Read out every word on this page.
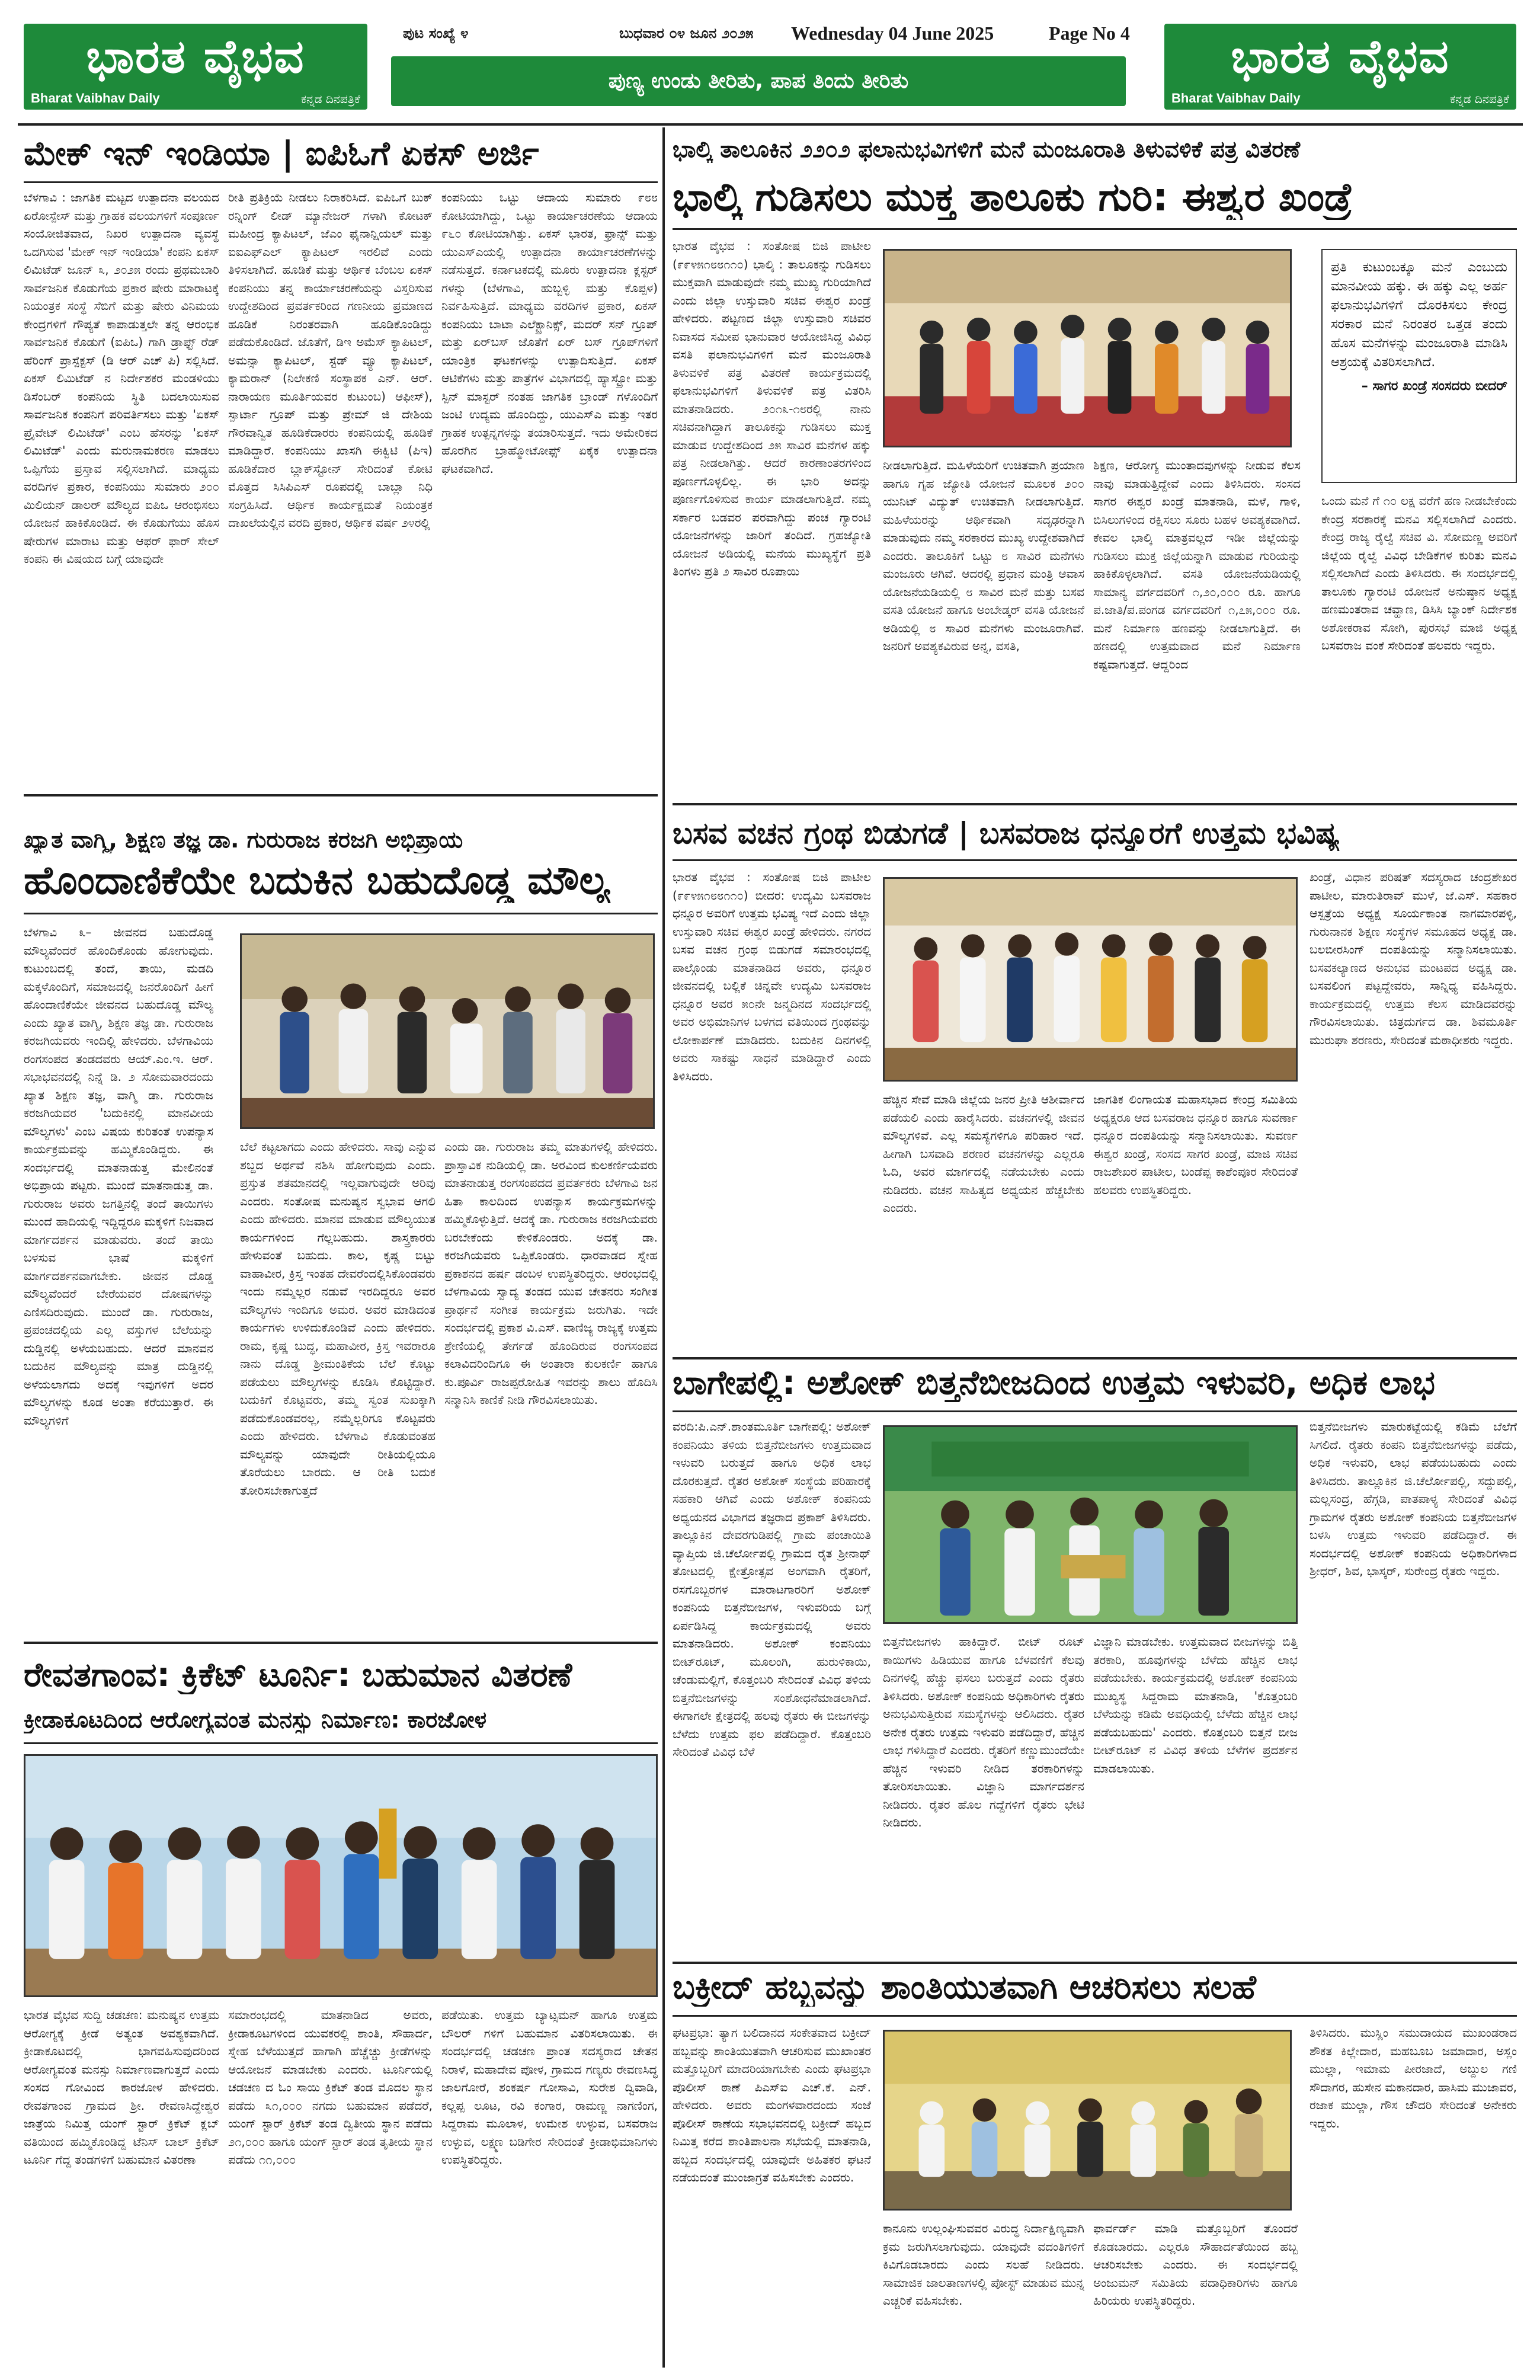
ಭಾರತ ವೈಭವ
Bharat Vaibhav Daily	ಕನ್ನಡ ದಿನಪತ್ರಿಕೆ
ಭಾರತ ವೈಭವ
Bharat Vaibhav Daily	ಕನ್ನಡ ದಿನಪತ್ರಿಕೆ
ಪುಟ ಸಂಖ್ಯೆ ೪	ಬುಧವಾರ ೦೪ ಜೂನ ೨೦೨೫ Wednesday 04 June 2025	Page No 4
ಪುಣ್ಯ ಉಂಡು ತೀರಿತು, ಪಾಪ ತಿಂದು ತೀರಿತು
ಮೇಕ್ ಇನ್ ಇಂಡಿಯಾ | ಐಪಿಓಗೆ ಏಕಸ್ ಅರ್ಜಿ
ಬೆಳಗಾವಿ : ಜಾಗತಿಕ ಮಟ್ಟದ ಉತ್ಪಾದನಾ ವಲಯದ ಏರೋಸ್ಪೇಸ್ ಮತ್ತು ಗ್ರಾಹಕ ವಲಯಗಳಿಗೆ ಸಂಪೂರ್ಣ ಸಂಯೋಜಿತವಾದ, ನಿಖರ ಉತ್ಪಾದನಾ ವ್ಯವಸ್ಥೆ ಒದಗಿಸುವ 'ಮೇಕ್ ಇನ್ ಇಂಡಿಯಾ' ಕಂಪನಿ ಏಕಸ್ ಲಿಮಿಟೆಡ್ ಜೂನ್ ೩, ೨೦೨೫ ರಂದು ಪ್ರಥಮಬಾರಿ ಸಾರ್ವಜನಿಕ ಕೊಡುಗೆಯ ಪ್ರಕಾರ ಷೇರು ಮಾರಾಟಕ್ಕೆ ನಿಯಂತ್ರಕ ಸಂಸ್ಥೆ ಸೆಬಿಗೆ ಮತ್ತು ಷೇರು ವಿನಿಮಯ ಕೇಂದ್ರಗಳಿಗೆ ಗೌಪ್ಯತೆ ಕಾಪಾಡುತ್ತಲೇ ತನ್ನ ಆರಂಭಿಕ ಸಾರ್ವಜನಿಕ ಕೊಡುಗೆ (ಐಪಿಒ) ಗಾಗಿ ಡ್ರಾಫ್ಟ್ ರೆಡ್ ಹೆರಿಂಗ್ ಪ್ರಾಸ್ಪೆಕ್ಟಸ್ (ಡಿ ಆರ್ ಎಚ್ ಪಿ) ಸಲ್ಲಿಸಿದೆ. ಏಕಸ್ ಲಿಮಿಟೆಡ್ ನ ನಿರ್ದೇಶಕರ ಮಂಡಳಿಯು ಡಿಸೆಂಬರ್ ಕಂಪನಿಯ ಸ್ಥಿತಿ ಬದಲಾಯಿಸುವ ಸಾರ್ವಜನಿಕ ಕಂಪನಿಗೆ ಪರಿವರ್ತಿಸಲು ಮತ್ತು 'ಏಕಸ್ ಪ್ರೈವೇಟ್ ಲಿಮಿಟೆಡ್' ಎಂಬ ಹೆಸರನ್ನು 'ಏಕಸ್ ಲಿಮಿಟೆಡ್' ಎಂದು ಮರುನಾಮಕರಣ ಮಾಡಲು ಒಪ್ಪಿಗೆಯ ಪ್ರಸ್ತಾವ ಸಲ್ಲಿಸಲಾಗಿದೆ. ಮಾಧ್ಯಮ ವರದಿಗಳ ಪ್ರಕಾರ, ಕಂಪನಿಯು ಸುಮಾರು ೨೦೦ ಮಿಲಿಯನ್ ಡಾಲರ್ ಮೌಲ್ಯದ ಐಪಿಒ ಆರಂಭಿಸಲು ಯೋಜನೆ ಹಾಕಿಕೊಂಡಿದೆ. ಈ ಕೊಡುಗೆಯು ಹೊಸ ಷೇರುಗಳ ಮಾರಾಟ ಮತ್ತು ಆಫರ್ ಫಾರ್ ಸೇಲ್ ಕಂಪನಿ ಈ ವಿಷಯದ ಬಗ್ಗೆ ಯಾವುದೇ
ರೀತಿ ಪ್ರತಿಕ್ರಿಯೆ ನೀಡಲು ನಿರಾಕರಿಸಿದೆ. ಐಪಿಒಗೆ ಬುಕ್ ರನ್ನಿಂಗ್ ಲೀಡ್ ಮ್ಯಾನೇಜರ್ ಗಳಾಗಿ ಕೋಟಕ್ ಮಹೀಂದ್ರ ಕ್ಯಾಪಿಟಲ್, ಜೆಎಂ ಫೈನಾನ್ಷಿಯಲ್ ಮತ್ತು ಐಐಎಫ್ಎಲ್ ಕ್ಯಾಪಿಟಲ್ ಇರಲಿವೆ ಎಂದು ತಿಳಿಸಲಾಗಿದೆ. ಹೂಡಿಕೆ ಮತ್ತು ಆರ್ಥಿಕ ಬೆಂಬಲ ಏಕಸ್ ಕಂಪನಿಯು ತನ್ನ ಕಾರ್ಯಾಚರಣೆಯನ್ನು ವಿಸ್ತರಿಸುವ ಉದ್ದೇಶದಿಂದ ಪ್ರವರ್ತಕರಿಂದ ಗಣನೀಯ ಪ್ರಮಾಣದ ಹೂಡಿಕೆ ನಿರಂತರವಾಗಿ ಹೂಡಿಕೊಂಡಿದ್ದು ಪಡೆದುಕೊಂಡಿದೆ. ಜೊತೆಗೆ, ಡಿಇ ಅಮೆಸ್ ಕ್ಯಾಪಿಟಲ್, ಅಮನ್ಸಾ ಕ್ಯಾಪಿಟಲ್, ಸ್ಟೆಡ್ ವ್ಯೂ ಕ್ಯಾಪಿಟಲ್, ಕ್ಯಾಮರಾನ್ (ನಿಲೇಕಣಿ ಸಂಸ್ಥಾಪಕ ಎನ್. ಆರ್. ನಾರಾಯಣ ಮೂರ್ತಿಯವರ ಕುಟುಂಬ) ಆಫೀಸ್), ಸ್ಪಾರ್ಟಾ ಗ್ರೂಪ್ ಮತ್ತು ಪ್ರೇಮ್ ಜಿ ದೇಶಿಯ ಗೌರವಾನ್ವಿತ ಹೂಡಿಕೆದಾರರು ಕಂಪನಿಯಲ್ಲಿ ಹೂಡಿಕೆ ಮಾಡಿದ್ದಾರೆ. ಕಂಪನಿಯು ಖಾಸಗಿ ಈಕ್ವಿಟಿ (ಪಿಇ) ಹೂಡಿಕೆದಾರ ಬ್ಲಾಕ್‌ಸ್ಟೋನ್ ಸೇರಿದಂತೆ ಕೋಟಿ ಮೊತ್ತದ ಸಿಸಿಪಿಎಸ್ ರೂಪದಲ್ಲಿ ಬಾಬ್ಲಾ ನಿಧಿ ಸಂಗ್ರಹಿಸಿದೆ. ಆರ್ಥಿಕ ಕಾರ್ಯಕ್ಷಮತೆ ನಿಯಂತ್ರಕ ದಾಖಲೆಯಲ್ಲಿನ ವರದಿ ಪ್ರಕಾರ, ಆರ್ಥಿಕ ವರ್ಷ ೨೪ರಲ್ಲಿ
ಕಂಪನಿಯು ಒಟ್ಟು ಆದಾಯ ಸುಮಾರು ೯೮೮ ಕೋಟಿಯಾಗಿದ್ದು, ಒಟ್ಟು ಕಾರ್ಯಾಚರಣೆಯ ಆದಾಯ ೯೬೦ ಕೋಟಿಯಾಗಿತ್ತು. ಏಕಸ್ ಭಾರತ, ಫ್ರಾನ್ಸ್ ಮತ್ತು ಯುಎಸ್‌ಎಯಲ್ಲಿ ಉತ್ಪಾದನಾ ಕಾರ್ಯಾಚರಣೆಗಳನ್ನು ನಡೆಸುತ್ತದೆ. ಕರ್ನಾಟಕದಲ್ಲಿ ಮೂರು ಉತ್ಪಾದನಾ ಕ್ಲಸ್ಟರ್ ಗಳನ್ನು (ಬೆಳಗಾವಿ, ಹುಬ್ಬಳ್ಳಿ ಮತ್ತು ಕೊಪ್ಪಳ) ನಿರ್ವಹಿಸುತ್ತಿದೆ. ಮಾಧ್ಯಮ ವರದಿಗಳ ಪ್ರಕಾರ, ಏಕಸ್ ಕಂಪನಿಯು ಬಾಟಾ ಎಲೆಕ್ಟ್ರಾನಿಕ್ಸ್, ಮದರ್ ಸನ್ ಗ್ರೂಪ್ ಮತ್ತು ಏರ್‌ಬಸ್ ಜೊತೆಗೆ ಏರ್ ಬಸ್ ಗ್ರೂಪ್‌ಗಳಿಗೆ ಯಾಂತ್ರಿಕ ಘಟಕಗಳನ್ನು ಉತ್ಪಾದಿಸುತ್ತಿದೆ. ಏಕಸ್ ಆಟಿಕೆಗಳು ಮತ್ತು ಪಾತ್ರೆಗಳ ವಿಭಾಗದಲ್ಲಿ ಹ್ಯಾಸ್ಟ್ರೋ ಮತ್ತು ಸ್ಪಿನ್ ಮಾಸ್ಟರ್ ನಂತಹ ಜಾಗತಿಕ ಬ್ರಾಂಡ್ ಗಳೊಂದಿಗೆ ಜಂಟಿ ಉದ್ಯಮ ಹೊಂದಿದ್ದು, ಯುಎಸ್ಎ ಮತ್ತು ಇತರ ಗ್ರಾಹಕ ಉತ್ಪನ್ನಗಳನ್ನು ತಯಾರಿಸುತ್ತದೆ. ಇದು ಅಮೇರಿಕದ ಹೊರಗಿನ ಬ್ರಾಹ್ಮೋಟೋಫ್ಸ್ ಏಕೈಕ ಉತ್ಪಾದನಾ ಘಟಕವಾಗಿದೆ.
ಭಾಲ್ಕಿ ತಾಲೂಕಿನ ೨೨೦೨ ಫಲಾನುಭವಿಗಳಿಗೆ ಮನೆ ಮಂಜೂರಾತಿ ತಿಳುವಳಿಕೆ ಪತ್ರ ವಿತರಣೆ
ಭಾಲ್ಕಿ ಗುಡಿಸಲು ಮುಕ್ತ ತಾಲೂಕು ಗುರಿ: ಈಶ್ವರ ಖಂಡ್ರೆ
ಭಾರತ ವೈಭವ : ಸಂತೋಷ ಬಿಜಿ ಪಾಟೀಲ (೯೯೪೫೧೮೮೧೧೦) ಭಾಲ್ಕಿ : ತಾಲೂಕನ್ನು ಗುಡಿಸಲು ಮುಕ್ತವಾಗಿ ಮಾಡುವುದೇ ನಮ್ಮ ಮುಖ್ಯ ಗುರಿಯಾಗಿದೆ ಎಂದು ಜಿಲ್ಲಾ ಉಸ್ತುವಾರಿ ಸಚಿವ ಈಶ್ವರ ಖಂಡ್ರೆ ಹೇಳಿದರು. ಪಟ್ಟಣದ ಜಿಲ್ಲಾ ಉಸ್ತುವಾರಿ ಸಚಿವರ ನಿವಾಸದ ಸಮೀಪ ಭಾನುವಾರ ಆಯೋಜಿಸಿದ್ದ ವಿವಿಧ ವಸತಿ ಫಲಾನುಭವಿಗಳಿಗೆ ಮನೆ ಮಂಜೂರಾತಿ ತಿಳುವಳಿಕೆ ಪತ್ರ ವಿತರಣೆ ಕಾರ್ಯಕ್ರಮದಲ್ಲಿ ಫಲಾನುಭವಿಗಳಿಗೆ ತಿಳುವಳಿಕೆ ಪತ್ರ ವಿತರಿಸಿ ಮಾತನಾಡಿದರು. ೨೦೧೩-೧೮ರಲ್ಲಿ ನಾನು ಸಚಿವನಾಗಿದ್ದಾಗ ತಾಲೂಕನ್ನು ಗುಡಿಸಲು ಮುಕ್ತ ಮಾಡುವ ಉದ್ದೇಶದಿಂದ ೨೫ ಸಾವಿರ ಮನೆಗಳ ಹಕ್ಕು ಪತ್ರ ನೀಡಲಾಗಿತ್ತು. ಆದರೆ ಕಾರಣಾಂತರಗಳಿಂದ ಪೂರ್ಣಗೊಳ್ಳಲಿಲ್ಲ. ಈ ಭಾರಿ ಅದನ್ನು ಪೂರ್ಣಗೊಳಿಸುವ ಕಾರ್ಯ ಮಾಡಲಾಗುತ್ತಿದೆ. ನಮ್ಮ ಸರ್ಕಾರ ಬಡವರ ಪರವಾಗಿದ್ದು ಪಂಚ ಗ್ಯಾರಂಟಿ ಯೋಜನೆಗಳನ್ನು ಜಾರಿಗೆ ತಂದಿದೆ. ಗ್ರಹಜ್ಯೋತಿ ಯೋಜನೆ ಅಡಿಯಲ್ಲಿ ಮನೆಯ ಮುಖ್ಯಸ್ಥೆಗೆ ಪ್ರತಿ ತಿಂಗಳು ಪ್ರತಿ ೨ ಸಾವಿರ ರೂಪಾಯಿ
ಪ್ರತಿ ಕುಟುಂಬಕ್ಕೂ ಮನೆ ಎಂಬುದು ಮಾನವೀಯ ಹಕ್ಕು. ಈ ಹಕ್ಕು ಎಲ್ಲ ಅರ್ಹ ಫಲಾನುಭವಿಗಳಿಗೆ ದೊರಕಿಸಲು ಕೇಂದ್ರ ಸರಕಾರ ಮನೆ ನಿರಂತರ ಒತ್ತಡ ತಂದು ಹೊಸ ಮನೆಗಳನ್ನು ಮಂಜೂರಾತಿ ಮಾಡಿಸಿ ಆಶ್ರಯಕ್ಕೆ ವಿತರಿಸಲಾಗಿದೆ.
– ಸಾಗರ ಖಂಡ್ರೆ ಸಂಸದರು ಬೀದರ್
ನೀಡಲಾಗುತ್ತಿದೆ. ಮಹಿಳೆಯರಿಗೆ ಉಚಿತವಾಗಿ ಪ್ರಯಾಣ ಹಾಗೂ ಗೃಹ ಜ್ಯೋತಿ ಯೋಜನೆ ಮೂಲಕ ೨೦೦ ಯುನಿಟ್ ವಿದ್ಯುತ್ ಉಚಿತವಾಗಿ ನೀಡಲಾಗುತ್ತಿದೆ. ಮಹಿಳೆಯರನ್ನು ಆರ್ಥಿಕವಾಗಿ ಸದೃಢರನ್ನಾಗಿ ಮಾಡುವುದು ನಮ್ಮ ಸರಕಾರದ ಮುಖ್ಯ ಉದ್ದೇಶವಾಗಿದೆ ಎಂದರು. ತಾಲೂಕಿಗೆ ಒಟ್ಟು ೮ ಸಾವಿರ ಮನೆಗಳು ಮಂಜೂರು ಆಗಿವೆ. ಆದರಲ್ಲಿ ಪ್ರಧಾನ ಮಂತ್ರಿ ಆವಾಸ ಯೋಜನೆಯಡಿಯಲ್ಲಿ ೮ ಸಾವಿರ ಮನೆ ಮತ್ತು ಬಸವ ವಸತಿ ಯೋಜನೆ ಹಾಗೂ ಅಂಬೇಡ್ಕರ್ ವಸತಿ ಯೋಜನೆ ಅಡಿಯಲ್ಲಿ ೮ ಸಾವಿರ ಮನೆಗಳು ಮಂಜೂರಾಗಿವೆ. ಜನರಿಗೆ ಅವಶ್ಯಕವಿರುವ ಅನ್ನ, ವಸತಿ,
ಶಿಕ್ಷಣ, ಆರೋಗ್ಯ ಮುಂತಾದವುಗಳನ್ನು ನೀಡುವ ಕೆಲಸ ನಾವು ಮಾಡುತ್ತಿದ್ದೇವೆ ಎಂದು ತಿಳಿಸಿದರು. ಸಂಸದ ಸಾಗರ ಈಶ್ವರ ಖಂಡ್ರೆ ಮಾತನಾಡಿ, ಮಳೆ, ಗಾಳಿ, ಬಿಸಿಲುಗಳಿಂದ ರಕ್ಷಿಸಲು ಸೂರು ಬಹಳ ಅವಶ್ಯಕವಾಗಿದೆ. ಕೇವಲ ಭಾಲ್ಕಿ ಮಾತ್ರವಲ್ಲದೆ ಇಡೀ ಜಿಲ್ಲೆಯನ್ನು ಗುಡಿಸಲು ಮುಕ್ತ ಜಿಲ್ಲೆಯನ್ನಾಗಿ ಮಾಡುವ ಗುರಿಯನ್ನು ಹಾಕಿಕೊಳ್ಳಲಾಗಿದೆ. ವಸತಿ ಯೋಜನೆಯಡಿಯಲ್ಲಿ ಸಾಮಾನ್ಯ ವರ್ಗದವರಿಗೆ ೧,೨೦,೦೦೦ ರೂ. ಹಾಗೂ ಪ.ಜಾತಿ/ಪ.ಪಂಗಡ ವರ್ಗದವರಿಗೆ ೧,೭೫,೦೦೦ ರೂ. ಮನೆ ನಿರ್ಮಾಣ ಹಣವನ್ನು ನೀಡಲಾಗುತ್ತಿದೆ. ಈ ಹಣದಲ್ಲಿ ಉತ್ತಮವಾದ ಮನೆ ನಿರ್ಮಾಣ ಕಷ್ಟವಾಗುತ್ತದೆ. ಆದ್ದರಿಂದ
ಒಂದು ಮನೆ ಗೆ ೧೦ ಲಕ್ಷ ವರೆಗೆ ಹಣ ನೀಡಬೇಕೆಂದು ಕೇಂದ್ರ ಸರಕಾರಕ್ಕೆ ಮನವಿ ಸಲ್ಲಿಸಲಾಗಿದೆ ಎಂದರು. ಕೇಂದ್ರ ರಾಜ್ಯ ರೈಲ್ವೆ ಸಚಿವ ವಿ. ಸೋಮಣ್ಣ ಅವರಿಗೆ ಜಿಲ್ಲೆಯ ರೈಲ್ವೆ ವಿವಿಧ ಬೇಡಿಕೆಗಳ ಕುರಿತು ಮನವಿ ಸಲ್ಲಿಸಲಾಗಿದೆ ಎಂದು ತಿಳಿಸಿದರು. ಈ ಸಂದರ್ಭದಲ್ಲಿ ತಾಲೂಕು ಗ್ಯಾರಂಟಿ ಯೋಜನೆ ಅನುಷ್ಠಾನ ಅಧ್ಯಕ್ಷ ಹಣಮಂತರಾವ ಚವ್ಹಾಣ, ಡಿಸಿಸಿ ಬ್ಯಾಂಕ್ ನಿರ್ದೇಶಕ ಅಶೋಕರಾವ ಸೋಗಿ, ಪುರಸಭೆ ಮಾಜಿ ಅಧ್ಯಕ್ಷ ಬಸವರಾಜ ವಂಕೆ ಸೇರಿದಂತೆ ಹಲವರು ಇದ್ದರು.
ಖ್ಯಾತ ವಾಗ್ಮಿ, ಶಿಕ್ಷಣ ತಜ್ಞ ಡಾ. ಗುರುರಾಜ ಕರಜಗಿ ಅಭಿಪ್ರಾಯ
ಹೊಂದಾಣಿಕೆಯೇ ಬದುಕಿನ ಬಹುದೊಡ್ಡ ಮೌಲ್ಯ
ಬೆಳಗಾವಿ ೩– ಜೀವನದ ಬಹುದೊಡ್ಡ ಮೌಲ್ಯವೆಂದರೆ ಹೊಂದಿಕೊಂಡು ಹೋಗುವುದು. ಕುಟುಂಬದಲ್ಲಿ ತಂದೆ, ತಾಯಿ, ಮಡದಿ ಮಕ್ಕಳೊಂದಿಗೆ, ಸಮಾಜದಲ್ಲಿ ಜನರೊಂದಿಗೆ ಹೀಗೆ ಹೊಂದಾಣಿಕೆಯೇ ಜೀವನದ ಬಹುದೊಡ್ಡ ಮೌಲ್ಯ ಎಂದು ಖ್ಯಾತ ವಾಗ್ಮಿ, ಶಿಕ್ಷಣ ತಜ್ಞ ಡಾ. ಗುರುರಾಜ ಕರಜಗಿಯವರು ಇಂದಿಲ್ಲಿ ಹೇಳಿದರು. ಬೆಳಗಾವಿಯ ರಂಗಸಂಪದ ತಂಡದವರು ಆಯ್.ಎಂ.ಇ. ಆರ್. ಸಭಾಭವನದಲ್ಲಿ ನಿನ್ನೆ ಡಿ. ೨ ಸೋಮವಾರದಂದು ಖ್ಯಾತ ಶಿಕ್ಷಣ ತಜ್ಞ, ವಾಗ್ಮಿ ಡಾ. ಗುರುರಾಜ ಕರಜಗಿಯವರ 'ಬದುಕಿನಲ್ಲಿ ಮಾನವೀಯ ಮೌಲ್ಯಗಳು' ಎಂಬ ವಿಷಯ ಕುರಿತಂತೆ ಉಪನ್ಯಾಸ ಕಾರ್ಯಕ್ರಮವನ್ನು ಹಮ್ಮಿಕೊಂಡಿದ್ದರು. ಈ ಸಂದರ್ಭದಲ್ಲಿ ಮಾತನಾಡುತ್ತ ಮೇಲಿನಂತೆ ಅಭಿಪ್ರಾಯ ಪಟ್ಟರು. ಮುಂದೆ ಮಾತನಾಡುತ್ತ ಡಾ. ಗುರುರಾಜ ಅವರು ಜಗತ್ತಿನಲ್ಲಿ ತಂದೆ ತಾಯಿಗಳು ಮುಂದೆ ಹಾದಿಯಲ್ಲಿ ಇದ್ದಿದ್ದರೂ ಮಕ್ಕಳಿಗೆ ನಿಜವಾದ ಮಾರ್ಗದರ್ಶನ ಮಾಡುವರು. ತಂದೆ ತಾಯಿ ಬಳಸುವ ಭಾಷೆ ಮಕ್ಕಳಿಗೆ ಮಾರ್ಗದರ್ಶನವಾಗಬೇಕು. ಜೀವನ ದೊಡ್ಡ ಮೌಲ್ಯವೆಂದರೆ ಬೇರೆಯವರ ದೋಷಗಳನ್ನು ಎಣಿಸದಿರುವುದು. ಮುಂದೆ ಡಾ. ಗುರುರಾಜ, ಪ್ರಪಂಚದಲ್ಲಿಯ ಎಲ್ಲ ವಸ್ತುಗಳ ಬೆಲೆಯನ್ನು ದುಡ್ಡಿನಲ್ಲಿ ಅಳೆಯಬಹುದು. ಆದರೆ ಮಾನವನ ಬದುಕಿನ ಮೌಲ್ಯವನ್ನು ಮಾತ್ರ ದುಡ್ಡಿನಲ್ಲಿ ಅಳೆಯಲಾಗದು ಅದಕ್ಕೆ ಇವುಗಳಿಗೆ ಅದರ ಮೌಲ್ಯಗಳನ್ನು ಕೂಡ ಅಂತಾ ಕರೆಯುತ್ತಾರೆ. ಈ ಮೌಲ್ಯಗಳಿಗೆ
ಬೆಲೆ ಕಟ್ಟಲಾಗದು ಎಂದು ಹೇಳಿದರು. ಸಾವು ಎನ್ನುವ ಶಬ್ದದ ಅರ್ಥವೆ ನಶಿಸಿ ಹೋಗುವುದು ಎಂದು. ಪ್ರಸ್ತುತ ಶತಮಾನದಲ್ಲಿ ಇಲ್ಲವಾಗುವುದೇ ಅರಿವು ಎಂದರು. ಸಂತೋಷ ಮನುಷ್ಯನ ಸ್ವಭಾವ ಆಗಲಿ ಎಂದು ಹೇಳಿದರು. ಮಾನವ ಮಾಡುವ ಮೌಲ್ಯಯುತ ಕಾರ್ಯಗಳಿಂದ ಗೆಲ್ಲಬಹುದು. ಶಾಸ್ತ್ರಕಾರರು ಹೇಳುವಂತೆ ಬಹುದು. ಕಾಲ, ಕೃಷ್ಣ ಬಿಟ್ಟು ವಾಹಾವೀರ, ಕ್ರಿಸ್ತ ಇಂತಹ ದೇವರೆಂದಲ್ಲಿಸಿಕೊಂಡವರು ಇಂದು ನಮ್ಮೆಲ್ಲರ ನಡುವೆ ಇರದಿದ್ದರೂ ಅವರ ಮೌಲ್ಯಗಳು ಇಂದಿಗೂ ಅಮರ. ಅವರ ಮಾಡಿದಂತ ಕಾರ್ಯಗಳು ಉಳಿದುಕೊಂಡಿವೆ ಎಂದು ಹೇಳಿದರು. ರಾಮ, ಕೃಷ್ಣ ಬುದ್ಧ, ಮಹಾವೀರ, ಕ್ರಿಸ್ತ ಇವರಾರೂ ನಾನು ದೊಡ್ಡ ಶ್ರೀಮಂತಿಕೆಯ ಬೆಲೆ ಕೊಟ್ಟು ಪಡೆಯಲು ಮೌಲ್ಯಗಳನ್ನು ಕೂಡಿಸಿ ಕೊಟ್ಟಿದ್ದಾರೆ. ಬದುಕಿಗೆ ಕೊಟ್ಟವರು, ತಮ್ಮ ಸ್ವಂತ ಸುಖಕ್ಕಾಗಿ ಪಡೆದುಕೊಂಡವರಲ್ಲ, ನಮ್ಮೆಲ್ಲರಿಗೂ ಕೊಟ್ಟವರು ಎಂದು ಹೇಳಿದರು. ಬೆಳಗಾವಿ ಕೊಡುವಂತಹ ಮೌಲ್ಯವನ್ನು ಯಾವುದೇ ರೀತಿಯಲ್ಲಿಯೂ ತೊರೆಯಲು ಬಾರದು. ಆ ರೀತಿ ಬದುಕ ತೋರಿಸಬೇಕಾಗುತ್ತದೆ
ಎಂದು ಡಾ. ಗುರುರಾಜ ತಮ್ಮ ಮಾತುಗಳಲ್ಲಿ ಹೇಳಿದರು. ಪ್ರಾಸ್ತಾವಿಕ ನುಡಿಯಲ್ಲಿ ಡಾ. ಅರವಿಂದ ಕುಲಕರ್ಣಿಯವರು ಮಾತನಾಡುತ್ತ ರಂಗಸಂಪದದ ಪ್ರವರ್ತಕರು ಬೆಳಗಾವಿ ಜನ ಹಿತಾ ಕಾಲದಿಂದ ಉಪನ್ಯಾಸ ಕಾರ್ಯಕ್ರಮಗಳನ್ನು ಹಮ್ಮಿಕೊಳ್ಳುತ್ತಿದೆ. ಆದಕ್ಕೆ ಡಾ. ಗುರುರಾಜ ಕರಜಗಿಯವರು ಬರಬೇಕೆಂದು ಕೇಳಿಕೊಂಡರು. ಅದಕ್ಕೆ ಡಾ. ಕರಜಗಿಯವರು ಒಪ್ಪಿಕೊಂಡರು. ಧಾರವಾಡದ ಸ್ನೇಹ ಪ್ರಕಾಶನದ ಹರ್ಷ ಡಂಬಳ ಉಪಸ್ಥಿತರಿದ್ದರು. ಆರಂಭದಲ್ಲಿ ಬೆಳಗಾವಿಯ ಸ್ವಾದ್ಯ ತಂಡದ ಯುವ ಚೇತನರು ಸಂಗೀತ ಪ್ರಾರ್ಥನೆ ಸಂಗೀತ ಕಾರ್ಯಕ್ರಮ ಜರುಗಿತು. ಇದೇ ಸಂದರ್ಭದಲ್ಲಿ ಪ್ರಕಾಶ ವಿ.ಎಸ್. ವಾಣಿಜ್ಯ ರಾಜ್ಯಕ್ಕೆ ಉತ್ತಮ ಶ್ರೇಣಿಯಲ್ಲಿ ತೇರ್ಗಡೆ ಹೊಂದಿರುವ ರಂಗಸಂಪದ ಕಲಾವಿದರಿಂದಿಗೂ ಈ ಅಂತಾರಾ ಕುಲಕರ್ಣಿ ಹಾಗೂ ಕು.ಪೂರ್ವಿ ರಾಜಪ್ಪರೋಹಿತ ಇವರನ್ನು ಶಾಲು ಹೊದಿಸಿ ಸನ್ಮಾನಿಸಿ ಕಾಣಿಕೆ ನೀಡಿ ಗೌರವಿಸಲಾಯಿತು.
ಬಸವ ವಚನ ಗ್ರಂಥ ಬಿಡುಗಡೆ | ಬಸವರಾಜ ಧನ್ನೂರಗೆ ಉತ್ತಮ ಭವಿಷ್ಯ
ಭಾರತ ವೈಭವ : ಸಂತೋಷ ಬಿಜಿ ಪಾಟೀಲ (೯೯೪೫೧೮೮೧೧೦) ಬೀದರ: ಉದ್ಯಮಿ ಬಸವರಾಜ ಧನ್ನೂರ ಅವರಿಗೆ ಉತ್ತಮ ಭವಿಷ್ಯ ಇದೆ ಎಂದು ಜಿಲ್ಲಾ ಉಸ್ತುವಾರಿ ಸಚಿವ ಈಶ್ವರ ಖಂಡ್ರೆ ಹೇಳಿದರು. ನಗರದ ಬಸವ ವಚನ ಗ್ರಂಥ ಬಿಡುಗಡೆ ಸಮಾರಂಭದಲ್ಲಿ ಪಾಲ್ಗೊಂಡು ಮಾತನಾಡಿದ ಅವರು, ಧನ್ನೂರ ಜೀವನದಲ್ಲಿ ಬಲ್ಲಿಕೆ ಚಿನ್ನವೇ ಉದ್ಯಮಿ ಬಸವರಾಜ ಧನ್ನೂರ ಅವರ ೫೦ನೇ ಜನ್ಮದಿನದ ಸಂದರ್ಭದಲ್ಲಿ ಅವರ ಅಭಿಮಾನಿಗಳ ಬಳಗದ ವತಿಯಿಂದ ಗ್ರಂಥವನ್ನು ಲೋಕಾರ್ಪಣೆ ಮಾಡಿದರು. ಬದುಕಿನ ದಿನಗಳಲ್ಲಿ ಅವರು ಸಾಕಷ್ಟು ಸಾಧನೆ ಮಾಡಿದ್ದಾರೆ ಎಂದು ತಿಳಿಸಿದರು.
ಹೆಚ್ಚಿನ ಸೇವೆ ಮಾಡಿ ಜಿಲ್ಲೆಯ ಜನರ ಪ್ರೀತಿ ಆಶೀರ್ವಾದ ಪಡೆಯಲಿ ಎಂದು ಹಾರೈಸಿದರು. ವಚನಗಳಲ್ಲಿ ಜೀವನ ಮೌಲ್ಯಗಳಿವೆ. ಎಲ್ಲ ಸಮಸ್ಯೆಗಳಿಗೂ ಪರಿಹಾರ ಇದೆ. ಹೀಗಾಗಿ ಬಸವಾದಿ ಶರಣರ ವಚನಗಳನ್ನು ಎಲ್ಲರೂ ಓದಿ, ಅವರ ಮಾರ್ಗದಲ್ಲಿ ನಡೆಯಬೇಕು ಎಂದು ನುಡಿದರು. ವಚನ ಸಾಹಿತ್ಯದ ಅಧ್ಯಯನ ಹೆಚ್ಚಬೇಕು ಎಂದರು.
ಜಾಗತಿಕ ಲಿಂಗಾಯತ ಮಹಾಸಭಾದ ಕೇಂದ್ರ ಸಮಿತಿಯ ಅಧ್ಯಕ್ಷರೂ ಆದ ಬಸವರಾಜ ಧನ್ನೂರ ಹಾಗೂ ಸುವರ್ಣಾ ಧನ್ನೂರ ದಂಪತಿಯನ್ನು ಸನ್ಮಾನಿಸಲಾಯಿತು. ಸುವರ್ಣ ಈಶ್ವರ ಖಂಡ್ರೆ, ಸಂಸದ ಸಾಗರ ಖಂಡ್ರೆ, ಮಾಜಿ ಸಚಿವ ರಾಜಶೇಖರ ಪಾಟೀಲ, ಬಂಡೆಪ್ಪ ಕಾಶೆಂಪೂರ ಸೇರಿದಂತೆ ಹಲವರು ಉಪಸ್ಥಿತರಿದ್ದರು.
ಖಂಡ್ರೆ, ವಿಧಾನ ಪರಿಷತ್ ಸದಸ್ಯರಾದ ಚಂದ್ರಶೇಖರ ಪಾಟೀಲ, ಮಾರುತಿರಾವ್ ಮುಳೆ, ಜೆ.ಎಸ್. ಸಹಕಾರ ಆಸ್ಪತ್ರೆಯ ಅಧ್ಯಕ್ಷ ಸೂರ್ಯಕಾಂತ ನಾಗಮಾರಪಳ್ಳಿ, ಗುರುನಾನಕ ಶಿಕ್ಷಣ ಸಂಸ್ಥೆಗಳ ಸಮೂಹದ ಅಧ್ಯಕ್ಷ ಡಾ. ಬಲಬೀರಸಿಂಗ್ ದಂಪತಿಯನ್ನು ಸನ್ಮಾನಿಸಲಾಯಿತು. ಬಸವಕಲ್ಯಾಣದ ಅನುಭವ ಮಂಟಪದ ಅಧ್ಯಕ್ಷ ಡಾ. ಬಸವಲಿಂಗ ಪಟ್ಟದ್ದೇವರು, ಸಾನ್ನಿಧ್ಯ ವಹಿಸಿದ್ದರು. ಕಾರ್ಯಕ್ರಮದಲ್ಲಿ ಉತ್ತಮ ಕೆಲಸ ಮಾಡಿದವರನ್ನು ಗೌರವಿಸಲಾಯಿತು. ಚಿತ್ರದುರ್ಗದ ಡಾ. ಶಿವಮೂರ್ತಿ ಮುರುಘಾ ಶರಣರು, ಸೇರಿದಂತೆ ಮಠಾಧೀಶರು ಇದ್ದರು.
ಬಾಗೇಪಲ್ಲಿ: ಅಶೋಕ್ ಬಿತ್ತನೆಬೀಜದಿಂದ ಉತ್ತಮ ಇಳುವರಿ, ಅಧಿಕ ಲಾಭ
ವರದಿ:ಪಿ.ಎನ್.ಶಾಂತಮೂರ್ತಿ ಬಾಗೇಪಲ್ಲಿ: ಅಶೋಕ್ ಕಂಪನಿಯು ತಳಿಯ ಬಿತ್ತನೆಬೀಜಗಳು ಉತ್ತಮವಾದ ಇಳುವರಿ ಬರುತ್ತದೆ ಹಾಗೂ ಅಧಿಕ ಲಾಭ ದೊರಕುತ್ತದೆ. ರೈತರ ಅಶೋಕ್ ಸಂಸ್ಥೆಯ ಪರಿಹಾರಕ್ಕೆ ಸಹಕಾರಿ ಆಗಿವೆ ಎಂದು ಅಶೋಕ್ ಕಂಪನಿಯ ಅಧ್ಯಯನದ ವಿಭಾಗದ ತಜ್ಞರಾದ ಪ್ರಕಾಶ್ ತಿಳಿಸಿದರು. ತಾಲ್ಲೂಕಿನ ದೇವರಗುಡಿಪಲ್ಲಿ ಗ್ರಾಮ ಪಂಚಾಯಿತಿ ವ್ಯಾಪ್ತಿಯ ಜಿ.ಚೆರ್ಲೋಪಲ್ಲಿ ಗ್ರಾಮದ ರೈತ ಶ್ರೀನಾಥ್ ತೋಟದಲ್ಲಿ ಕ್ಷೇತ್ರೋತ್ಸವ ಅಂಗವಾಗಿ ರೈತರಿಗೆ, ರಸಗೊಬ್ಬರಗಳ ಮಾರಾಟಗಾರರಿಗೆ ಅಶೋಕ್ ಕಂಪನಿಯ ಬಿತ್ತನೆಬೀಜಗಳ, ಇಳುವರಿಯ ಬಗ್ಗೆ ಏರ್ಪಡಿಸಿದ್ದ ಕಾರ್ಯಕ್ರಮದಲ್ಲಿ ಅವರು ಮಾತನಾಡಿದರು. ಅಶೋಕ್ ಕಂಪನಿಯು ಬೀಟ್‌ರೂಟ್, ಮೂಲಂಗಿ, ಹುರುಳಿಕಾಯಿ, ಚೆಂಡುಮಲ್ಲಿಗೆ, ಕೊತ್ತಂಬರಿ ಸೇರಿದಂತೆ ವಿವಿಧ ತಳಿಯ ಬಿತ್ತನೆಬೀಜಗಳನ್ನು ಸಂಶೋಧನೆಮಾಡಲಾಗಿದೆ. ಈಗಾಗಲೇ ಕ್ಷೇತ್ರದಲ್ಲಿ ಹಲವು ರೈತರು ಈ ಬೀಜಗಳನ್ನು ಬೆಳೆದು ಉತ್ತಮ ಫಲ ಪಡೆದಿದ್ದಾರೆ. ಕೊತ್ತಂಬರಿ ಸೇರಿದಂತೆ ವಿವಿಧ ಬೆಳೆ
ಬಿತ್ತನೆಬೀಜಗಳು ಹಾಕಿದ್ದಾರೆ. ಬೀಟ್ ರೂಟ್ ಕಾಯಿಗಳು ಹಿಡಿಯುವ ಹಾಗೂ ಬೆಳವಣಿಗೆ ಕೆಲವು ದಿನಗಳಲ್ಲಿ ಹೆಚ್ಚು ಫಸಲು ಬರುತ್ತದೆ ಎಂದು ರೈತರು ತಿಳಿಸಿದರು. ಅಶೋಕ್ ಕಂಪನಿಯ ಅಧಿಕಾರಿಗಳು ರೈತರು ಅನುಭವಿಸುತ್ತಿರುವ ಸಮಸ್ಯೆಗಳನ್ನು ಆಲಿಸಿದರು. ರೈತರ ಅನೇಕ ರೈತರು ಉತ್ತಮ ಇಳುವರಿ ಪಡೆದಿದ್ದಾರೆ, ಹೆಚ್ಚಿನ ಲಾಭ ಗಳಿಸಿದ್ದಾರೆ ಎಂದರು. ರೈತರಿಗೆ ಕಣ್ಣುಮುಂದೆಯೇ ಹೆಚ್ಚಿನ ಇಳುವರಿ ನೀಡಿದ ತರಕಾರಿಗಳನ್ನು ತೋರಿಸಲಾಯಿತು. ವಿಜ್ಞಾನಿ ಮಾರ್ಗದರ್ಶನ ನೀಡಿದರು. ರೈತರ ಹೊಲ ಗದ್ದೆಗಳಿಗೆ ರೈತರು ಭೇಟಿ ನೀಡಿದರು.
ವಿಜ್ಞಾನಿ ಮಾಡಬೇಕು. ಉತ್ತಮವಾದ ಬೀಜಗಳನ್ನು ಬಿತ್ತಿ ತರಕಾರಿ, ಹೂವುಗಳನ್ನು ಬೆಳೆದು ಹೆಚ್ಚಿನ ಲಾಭ ಪಡೆಯಬೇಕು. ಕಾರ್ಯಕ್ರಮದಲ್ಲಿ ಅಶೋಕ್ ಕಂಪನಿಯ ಮುಖ್ಯಸ್ಥ ಸಿದ್ದರಾಮ ಮಾತನಾಡಿ, 'ಕೊತ್ತಂಬರಿ ಬೆಳೆಯನ್ನು ಕಡಿಮೆ ಅವಧಿಯಲ್ಲಿ ಬೆಳೆದು ಹೆಚ್ಚಿನ ಲಾಭ ಪಡೆಯಬಹುದು' ಎಂದರು. ಕೊತ್ತಂಬರಿ ಬಿತ್ತನೆ ಬೀಜ ಬೀಟ್‌ರೂಟ್ ನ ವಿವಿಧ ತಳಿಯ ಬೆಳೆಗಳ ಪ್ರದರ್ಶನ ಮಾಡಲಾಯಿತು.
ಬಿತ್ತನೆಬೀಜಗಳು ಮಾರುಕಟ್ಟೆಯಲ್ಲಿ ಕಡಿಮೆ ಬೆಲೆಗೆ ಸಿಗಲಿದೆ. ರೈತರು ಕಂಪನಿ ಬಿತ್ತನೆಬೀಜಗಳನ್ನು ಪಡೆದು, ಅಧಿಕ ಇಳುವರಿ, ಲಾಭ ಪಡೆಯಬಹುದು ಎಂದು ತಿಳಿಸಿದರು. ತಾಲ್ಲೂಕಿನ ಜಿ.ಚೆರ್ಲೋಪಲ್ಲಿ, ಸದ್ದುಪಲ್ಲಿ, ಮಲ್ಲಸಂದ್ರ, ಹೆಗ್ಗಡಿ, ಪಾತಪಾಳ್ಯ ಸೇರಿದಂತೆ ವಿವಿಧ ಗ್ರಾಮಗಳ ರೈತರು ಅಶೋಕ್ ಕಂಪನಿಯ ಬಿತ್ತನೆಬೀಜಗಳ ಬಳಸಿ ಉತ್ತಮ ಇಳುವರಿ ಪಡೆದಿದ್ದಾರೆ. ಈ ಸಂದರ್ಭದಲ್ಲಿ ಅಶೋಕ್ ಕಂಪನಿಯ ಅಧಿಕಾರಿಗಳಾದ ಶ್ರೀಧರ್, ಶಿವ, ಭಾಸ್ಕರ್, ಸುರೇಂದ್ರ ರೈತರು ಇದ್ದರು.
ರೇವತಗಾಂವ: ಕ್ರಿಕೆಟ್ ಟೂರ್ನಿ: ಬಹುಮಾನ ವಿತರಣೆ
ಕ್ರೀಡಾಕೂಟದಿಂದ ಆರೋಗ್ಯವಂತ ಮನಸ್ಸು ನಿರ್ಮಾಣ: ಕಾರಜೋಳ
ಭಾರತ ವೈಭವ ಸುದ್ದಿ ಚಡಚಣ: ಮನುಷ್ಯನ ಉತ್ತಮ ಆರೋಗ್ಯಕ್ಕೆ ಕ್ರೀಡೆ ಅತ್ಯಂತ ಅವಶ್ಯಕವಾಗಿದೆ. ಕ್ರೀಡಾಕೂಟದಲ್ಲಿ ಭಾಗವಹಿಸುವುದರಿಂದ ಆರೋಗ್ಯವಂತ ಮನಸ್ಸು ನಿರ್ಮಾಣವಾಗುತ್ತದೆ ಎಂದು ಸಂಸದ ಗೋವಿಂದ ಕಾರಜೋಳ ಹೇಳಿದರು. ರೇವತಗಾಂವ ಗ್ರಾಮದ ಶ್ರೀ. ರೇವಣಸಿದ್ದೇಶ್ವರ ಜಾತ್ರೆಯ ನಿಮಿತ್ತ ಯಂಗ್ ಸ್ಟಾರ್ ಕ್ರಿಕೆಟ್ ಕ್ಲಬ್ ವತಿಯಿಂದ ಹಮ್ಮಿಕೊಂಡಿದ್ದ ಟೆನಿಸ್ ಬಾಲ್ ಕ್ರಿಕೆಟ್ ಟೂರ್ನಿ ಗೆದ್ದ ತಂಡಗಳಿಗೆ ಬಹುಮಾನ ವಿತರಣಾ
ಸಮಾರಂಭದಲ್ಲಿ ಮಾತನಾಡಿದ ಅವರು, ಕ್ರೀಡಾಕೂಟಗಳಿಂದ ಯುವಕರಲ್ಲಿ ಶಾಂತಿ, ಸೌಹಾರ್ದ, ಸ್ನೇಹ ಬೆಳೆಯುತ್ತದೆ ಹಾಗಾಗಿ ಹೆಚ್ಚೆಚ್ಚು ಕ್ರೀಡೆಗಳನ್ನು ಆಯೋಜನೆ ಮಾಡಬೇಕು ಎಂದರು. ಟೂರ್ನಿಯಲ್ಲಿ ಚಡಚಣ ದ ಓಂ ಸಾಯಿ ಕ್ರಿಕೆಟ್ ತಂಡ ಮೊದಲ ಸ್ಥಾನ ಪಡೆದು ೩೧,೦೦೦ ನಗದು ಬಹುಮಾನ ಪಡೆದರೆ, ಯಂಗ್ ಸ್ಟಾರ್ ಕ್ರಿಕೆಟ್ ತಂಡ ದ್ವಿತೀಯ ಸ್ಥಾನ ಪಡೆದು ೨೧,೦೦೦ ಹಾಗೂ ಯಂಗ್ ಸ್ಟಾರ್ ತಂಡ ತೃತೀಯ ಸ್ಥಾನ ಪಡೆದು ೧೧,೦೦೦
ಪಡೆಯಿತು. ಉತ್ತಮ ಬ್ಯಾಟ್ಸಮನ್ ಹಾಗೂ ಉತ್ತಮ ಬೌಲರ್ ಗಳಿಗೆ ಬಹುಮಾನ ವಿತರಿಸಲಾಯಿತು. ಈ ಸಂದರ್ಭದಲ್ಲಿ ಚಡಚಣ ಪ್ರಾಂತ ಸದಸ್ಯರಾದ ಚೇತನ ನಿರಾಳೆ, ಮಹಾದೇವ ಪೋಳ, ಗ್ರಾಮದ ಗಣ್ಯರು ರೇವಣಸಿದ್ಧ ಜಾಲಗೋರೆ, ಶಂಕರ್ಷ ಗೋಸಾವಿ, ಸುರೇಶ ದ್ವಿವಾಡಿ, ಕಲ್ಲಪ್ಪ ಲೂಟ, ರವಿ ಕಂಗಾರ, ರಾಮಣ್ಣ ನಾಗಣಿಂಗ, ಸಿದ್ದರಾಮ ಮೂಲಾಳ, ಉಮೇಶ ಉಳ್ಳುವ, ಬಸವರಾಜ ಉಳ್ಳುವ, ಲಕ್ಷ್ಮಣ ಬಡಿಗೇರ ಸೇರಿದಂತೆ ಕ್ರೀಡಾಭಿಮಾನಿಗಳು ಉಪಸ್ಥಿತರಿದ್ದರು.
ಬಕ್ರೀದ್ ಹಬ್ಬವನ್ನು ಶಾಂತಿಯುತವಾಗಿ ಆಚರಿಸಲು ಸಲಹೆ
ಘಟಪ್ರಭಾ: ತ್ಯಾಗ ಬಲಿದಾನದ ಸಂಕೇತವಾದ ಬಕ್ರೀದ್ ಹಬ್ಬವನ್ನು ಶಾಂತಿಯುತವಾಗಿ ಆಚರಿಸುವ ಮುಖಾಂತರ ಮತ್ತೊಬ್ಬರಿಗೆ ಮಾದರಿಯಾಗಬೇಕು ಎಂದು ಘಟಪ್ರಭಾ ಪೊಲೀಸ್ ಠಾಣೆ ಪಿಎಸ್ಐ ಎಚ್.ಕೆ. ಎನ್. ಹೇಳಿದರು. ಅವರು ಮಂಗಳವಾರದಂದು ಸಂಜೆ ಪೊಲೀಸ್ ಠಾಣೆಯ ಸಭಾಭವನದಲ್ಲಿ ಬಕ್ರೀದ್ ಹಬ್ಬದ ನಿಮಿತ್ತ ಕರೆದ ಶಾಂತಿಪಾಲನಾ ಸಭೆಯಲ್ಲಿ ಮಾತನಾಡಿ, ಹಬ್ಬದ ಸಂದರ್ಭದಲ್ಲಿ ಯಾವುದೇ ಅಹಿತಕರ ಘಟನೆ ನಡೆಯದಂತೆ ಮುಂಜಾಗ್ರತೆ ವಹಿಸಬೇಕು ಎಂದರು.
ಕಾನೂನು ಉಲ್ಲಂಘಿಸುವವರ ವಿರುದ್ಧ ನಿರ್ದಾಕ್ಷಿಣ್ಯವಾಗಿ ಕ್ರಮ ಜರುಗಿಸಲಾಗುವುದು. ಯಾವುದೇ ವದಂತಿಗಳಿಗೆ ಕಿವಿಗೊಡಬಾರದು ಎಂದು ಸಲಹೆ ನೀಡಿದರು. ಸಾಮಾಜಿಕ ಜಾಲತಾಣಗಳಲ್ಲಿ ಪೋಸ್ಟ್ ಮಾಡುವ ಮುನ್ನ ಎಚ್ಚರಿಕೆ ವಹಿಸಬೇಕು.
ಫಾರ್ವರ್ಡ್ ಮಾಡಿ ಮತ್ತೊಬ್ಬರಿಗೆ ತೊಂದರೆ ಕೊಡಬಾರದು. ಎಲ್ಲರೂ ಸೌಹಾರ್ದತೆಯಿಂದ ಹಬ್ಬ ಆಚರಿಸಬೇಕು ಎಂದರು. ಈ ಸಂದರ್ಭದಲ್ಲಿ ಅಂಜುಮನ್ ಸಮಿತಿಯ ಪದಾಧಿಕಾರಿಗಳು ಹಾಗೂ ಹಿರಿಯರು ಉಪಸ್ಥಿತರಿದ್ದರು.
ತಿಳಿಸಿದರು. ಮುಸ್ಲಿಂ ಸಮುದಾಯದ ಮುಖಂಡರಾದ ಶೌಕತ ಕಿಲ್ಲೇದಾರ, ಮಹಬೂಬ ಜಮಾದಾರ, ಅಸ್ಲಂ ಮುಲ್ಲಾ, ಇಮಾಮ ಪೀರಜಾದೆ, ಅಬ್ದುಲ ಗಣಿ ಸೌದಾಗರ, ಹುಸೇನ ಮಕಾನದಾರ, ಹಾಸಿಮ ಮುಜಾವರ, ರಜಾಕ ಮುಲ್ಲಾ, ಗೌಸ ಚೌದರಿ ಸೇರಿದಂತೆ ಅನೇಕರು ಇದ್ದರು.
